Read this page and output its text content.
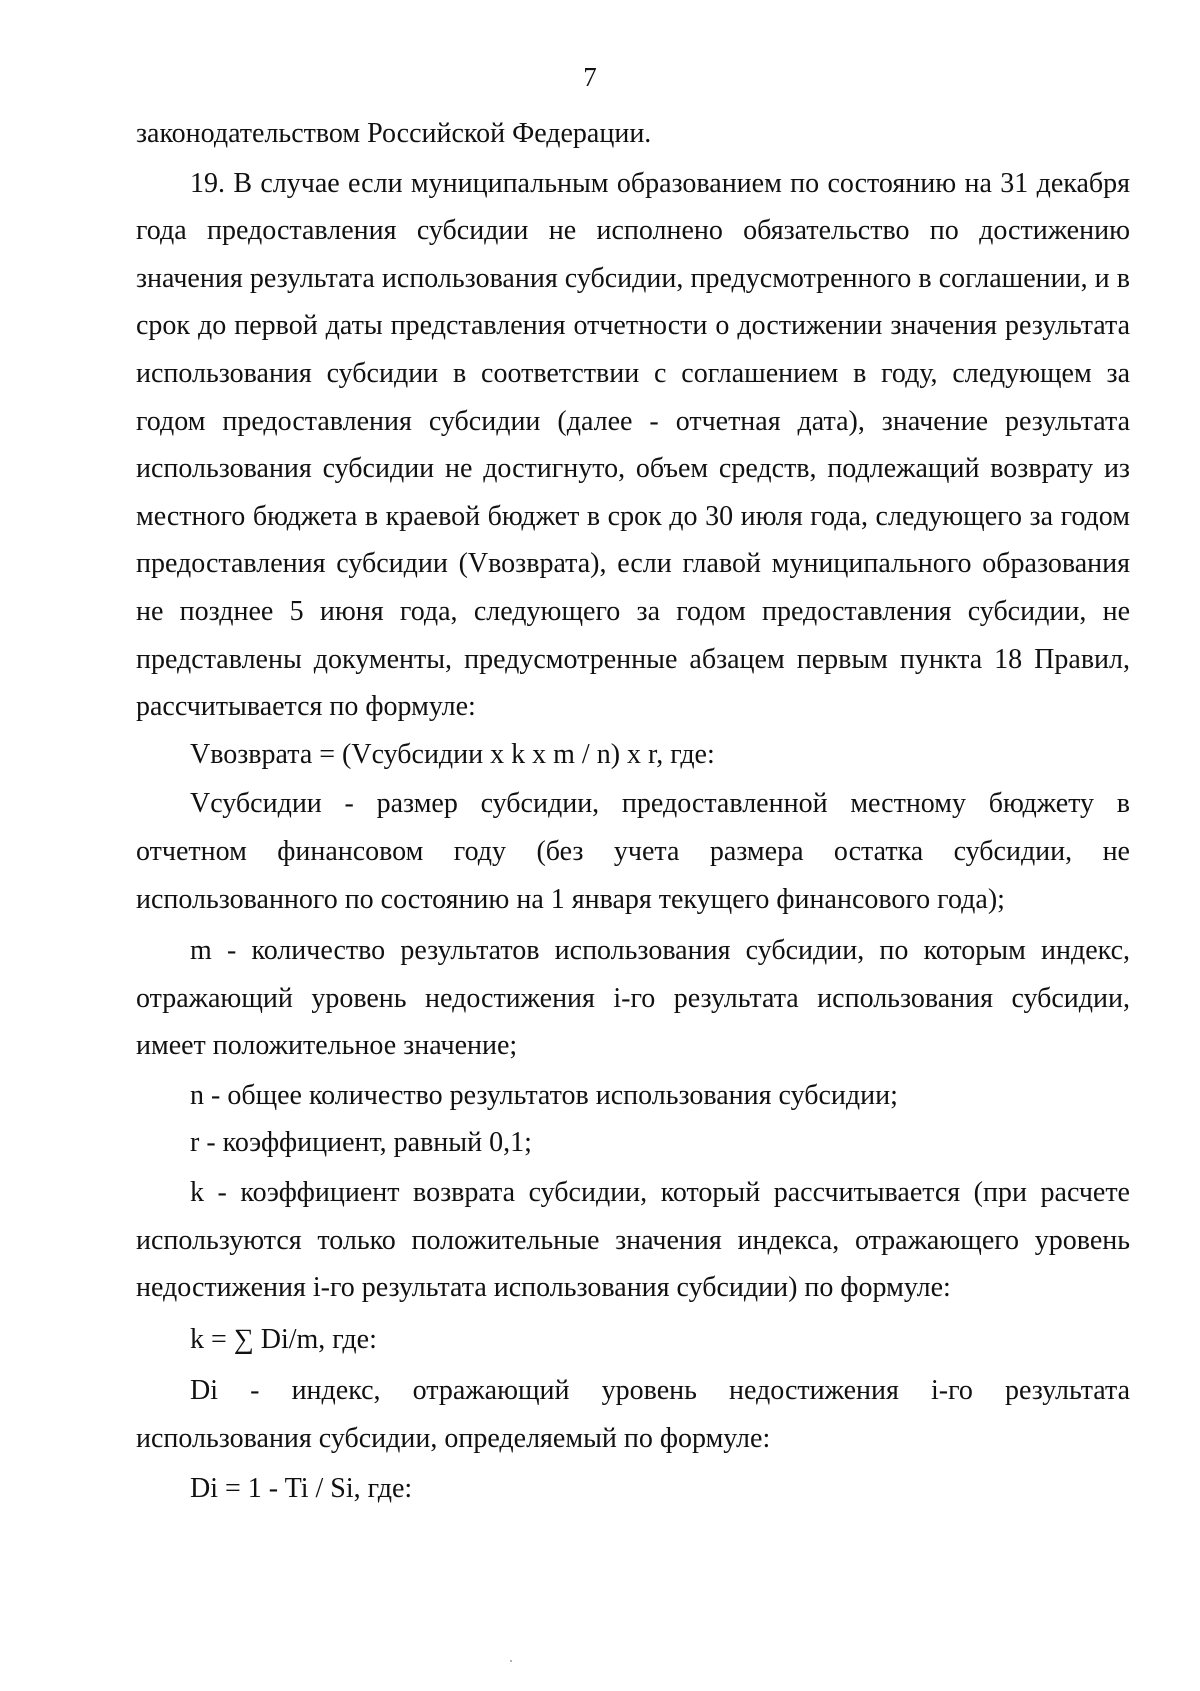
7

законодательством Российской Федерации.

19. В случае если муниципальным образованием по состоянию на 31 декабря года предоставления субсидии не исполнено обязательство по достижению значения результата использования субсидии, предусмотренного в соглашении, и в срок до первой даты представления отчетности о достижении значения результата использования субсидии в соответствии с соглашением в году, следующем за годом предоставления субсидии (далее - отчетная дата), значение результата использования субсидии не достигнуто, объем средств, подлежащий возврату из местного бюджета в краевой бюджет в срок до 30 июля года, следующего за годом предоставления субсидии (Vвозврата), если главой муниципального образования не позднее 5 июня года, следующего за годом предоставления субсидии, не представлены документы, предусмотренные абзацем первым пункта 18 Правил, рассчитывается по формуле:

Vвозврата = (Vсубсидии x k x m / n) x r, где:

Vсубсидии - размер субсидии, предоставленной местному бюджету в отчетном финансовом году (без учета размера остатка субсидии, не использованного по состоянию на 1 января текущего финансового года);

m - количество результатов использования субсидии, по которым индекс, отражающий уровень недостижения i-го результата использования субсидии, имеет положительное значение;

n - общее количество результатов использования субсидии;

r - коэффициент, равный 0,1;

k - коэффициент возврата субсидии, который рассчитывается (при расчете используются только положительные значения индекса, отражающего уровень недостижения i-го результата использования субсидии) по формуле:

k = ∑ Di/m, где:

Di - индекс, отражающий уровень недостижения i-го результата использования субсидии, определяемый по формуле:

Di = 1 - Ti / Si, где:
